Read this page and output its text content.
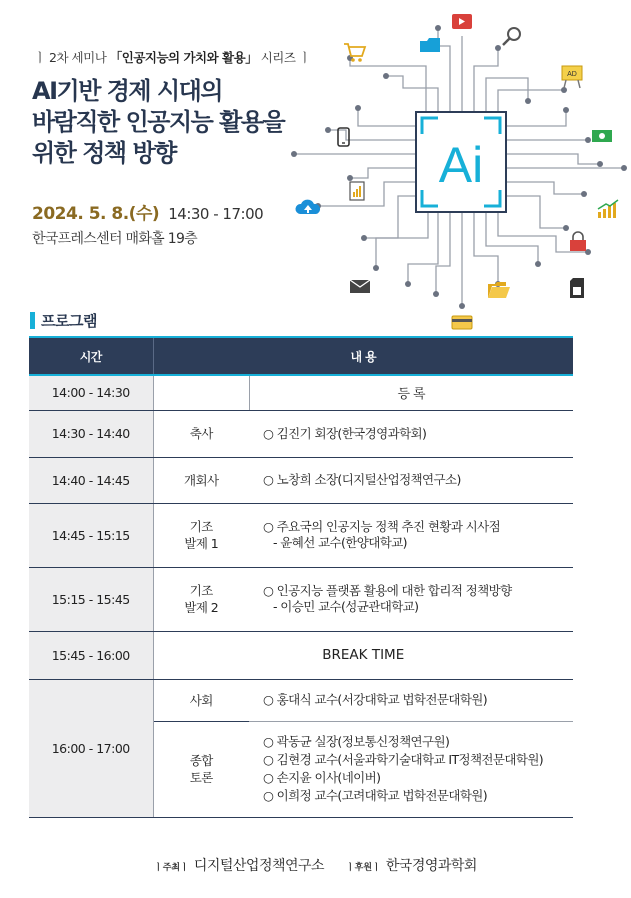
ㅣ 2차 세미나 「인공지능의 가치와 활용」 시리즈 ㅣ
AI기반 경제 시대의
바람직한 인공지능 활용을
위한 정책 방향
2024. 5. 8.(수) 14:30 - 17:00
한국프레스센터 매화홀 19층
Ai
AD
프로그램
시간	내 용	
14:00 - 14:30		등 록
14:30 - 14:40	축사	○ 김진기 회장(한국경영과학회)

14:40 - 14:45	개회사	○ 노창희 소장(디지털산업정책연구소)

14:45 - 15:15	기조
발제 1	○ 주요국의 인공지능 정책 추진 현황과 시사점
- 윤혜선 교수(한양대학교)

15:15 - 15:45	기조
발제 2	○ 인공지능 플랫폼 활용에 대한 합리적 정책방향
- 이승민 교수(성균관대학교)

15:45 - 16:00	BREAK TIME	
16:00 - 17:00	사회	○ 홍대식 교수(서강대학교 법학전문대학원)

	종합
토론	○ 곽동균 실장(정보통신정책연구원)
○ 김현경 교수(서울과학기술대학교 IT정책전문대학원)
○ 손지윤 이사(네이버)
○ 이희정 교수(고려대학교 법학전문대학원)
ㅣ주최ㅣ 디지털산업정책연구소 ㅣ후원ㅣ 한국경영과학회
